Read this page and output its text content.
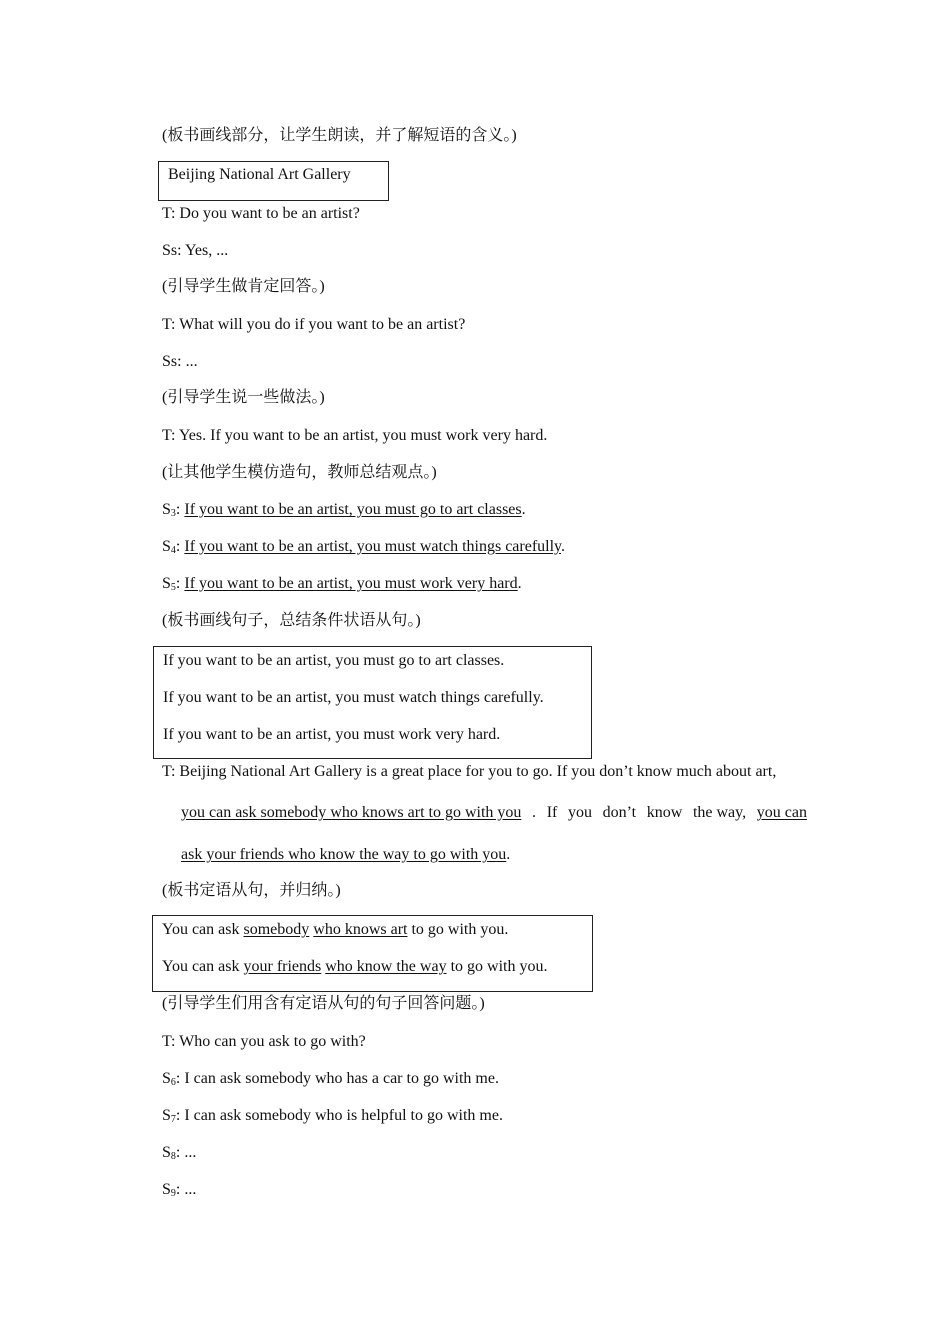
(板书画线部分，让学生朗读，并了解短语的含义。)
Beijing National Art Gallery
T: Do you want to be an artist?
Ss: Yes, ...
(引导学生做肯定回答。)
T: What will you do if you want to be an artist?
Ss: ...
(引导学生说一些做法。)
T: Yes. If you want to be an artist, you must work very hard.
(让其他学生模仿造句，教师总结观点。)
$S_3$: If you want to be an artist, you must go to art classes.
$S_4$: If you want to be an artist, you must watch things carefully.
$S_5$: If you want to be an artist, you must work very hard.
(板书画线句子，总结条件状语从句。)
If you want to be an artist, you must go to art classes.
If you want to be an artist, you must watch things carefully.
If you want to be an artist, you must work very hard.
T: Beijing National Art Gallery is a great place for you to go. If you don’t know much about art,
you can ask somebody who knows art to go with you . If you don’t know the way, you can
ask your friends who know the way to go with you.
(板书定语从句，并归纳。)
You can ask somebody who knows art to go with you.
You can ask your friends who know the way to go with you.
(引导学生们用含有定语从句的句子回答问题。)
T: Who can you ask to go with?
$S_6$: I can ask somebody who has a car to go with me.
$S_7$: I can ask somebody who is helpful to go with me.
$S_8$: ...
$S_9$: ...
